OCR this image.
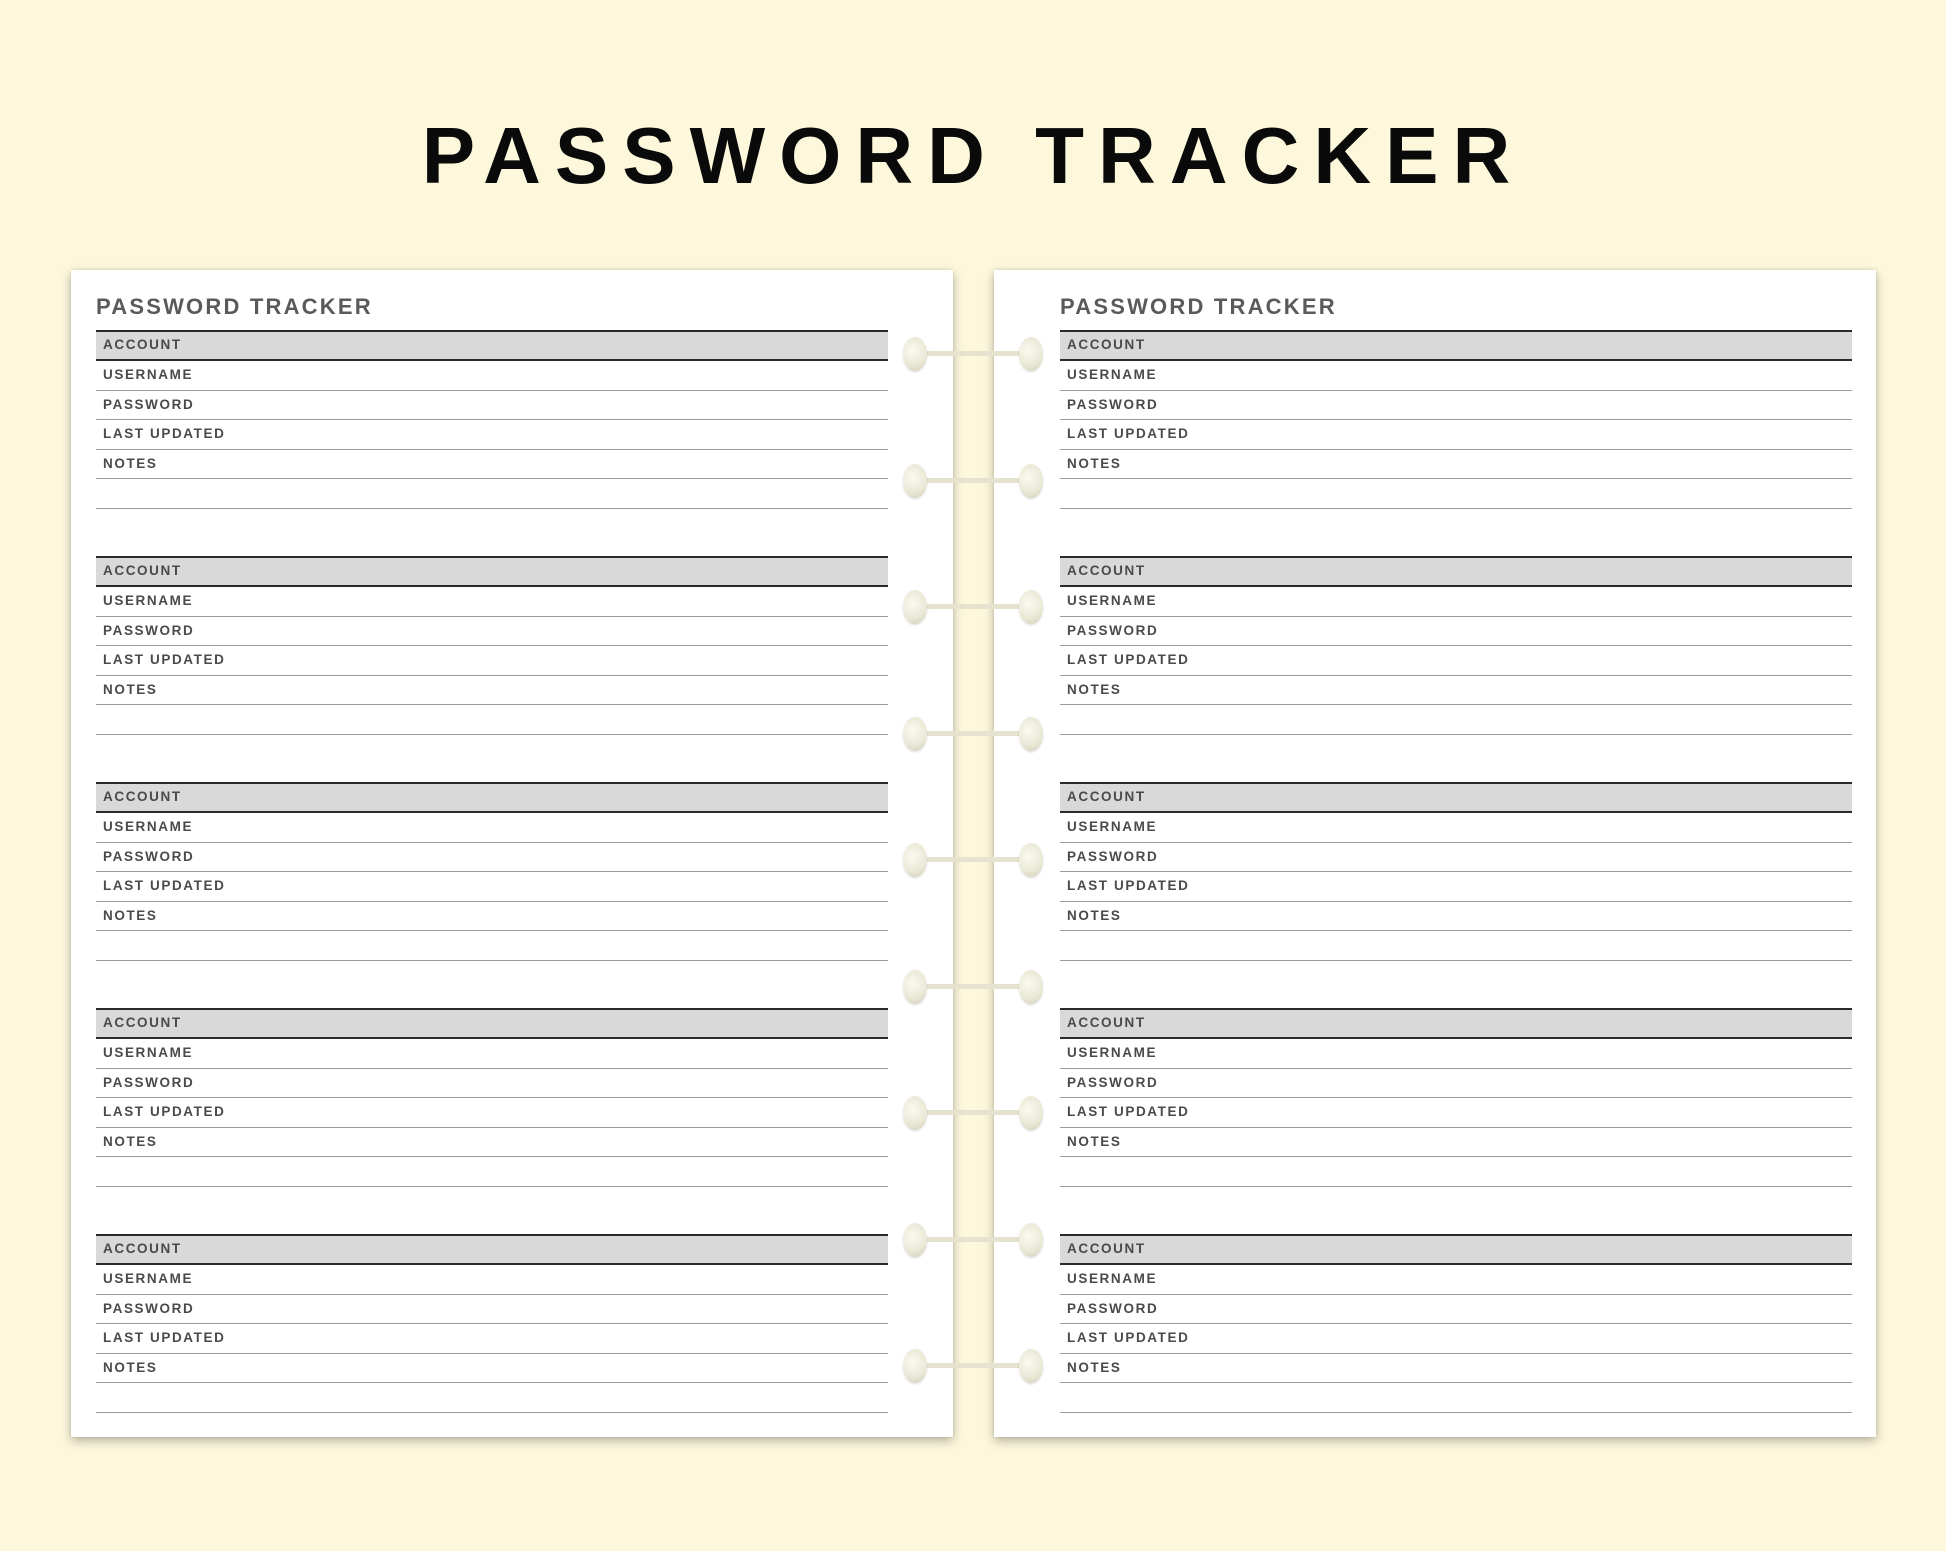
PASSWORD TRACKER
PASSWORD TRACKER
ACCOUNT
USERNAME
PASSWORD
LAST UPDATED
NOTES
ACCOUNT
USERNAME
PASSWORD
LAST UPDATED
NOTES
ACCOUNT
USERNAME
PASSWORD
LAST UPDATED
NOTES
ACCOUNT
USERNAME
PASSWORD
LAST UPDATED
NOTES
ACCOUNT
USERNAME
PASSWORD
LAST UPDATED
NOTES
PASSWORD TRACKER
ACCOUNT
USERNAME
PASSWORD
LAST UPDATED
NOTES
ACCOUNT
USERNAME
PASSWORD
LAST UPDATED
NOTES
ACCOUNT
USERNAME
PASSWORD
LAST UPDATED
NOTES
ACCOUNT
USERNAME
PASSWORD
LAST UPDATED
NOTES
ACCOUNT
USERNAME
PASSWORD
LAST UPDATED
NOTES
